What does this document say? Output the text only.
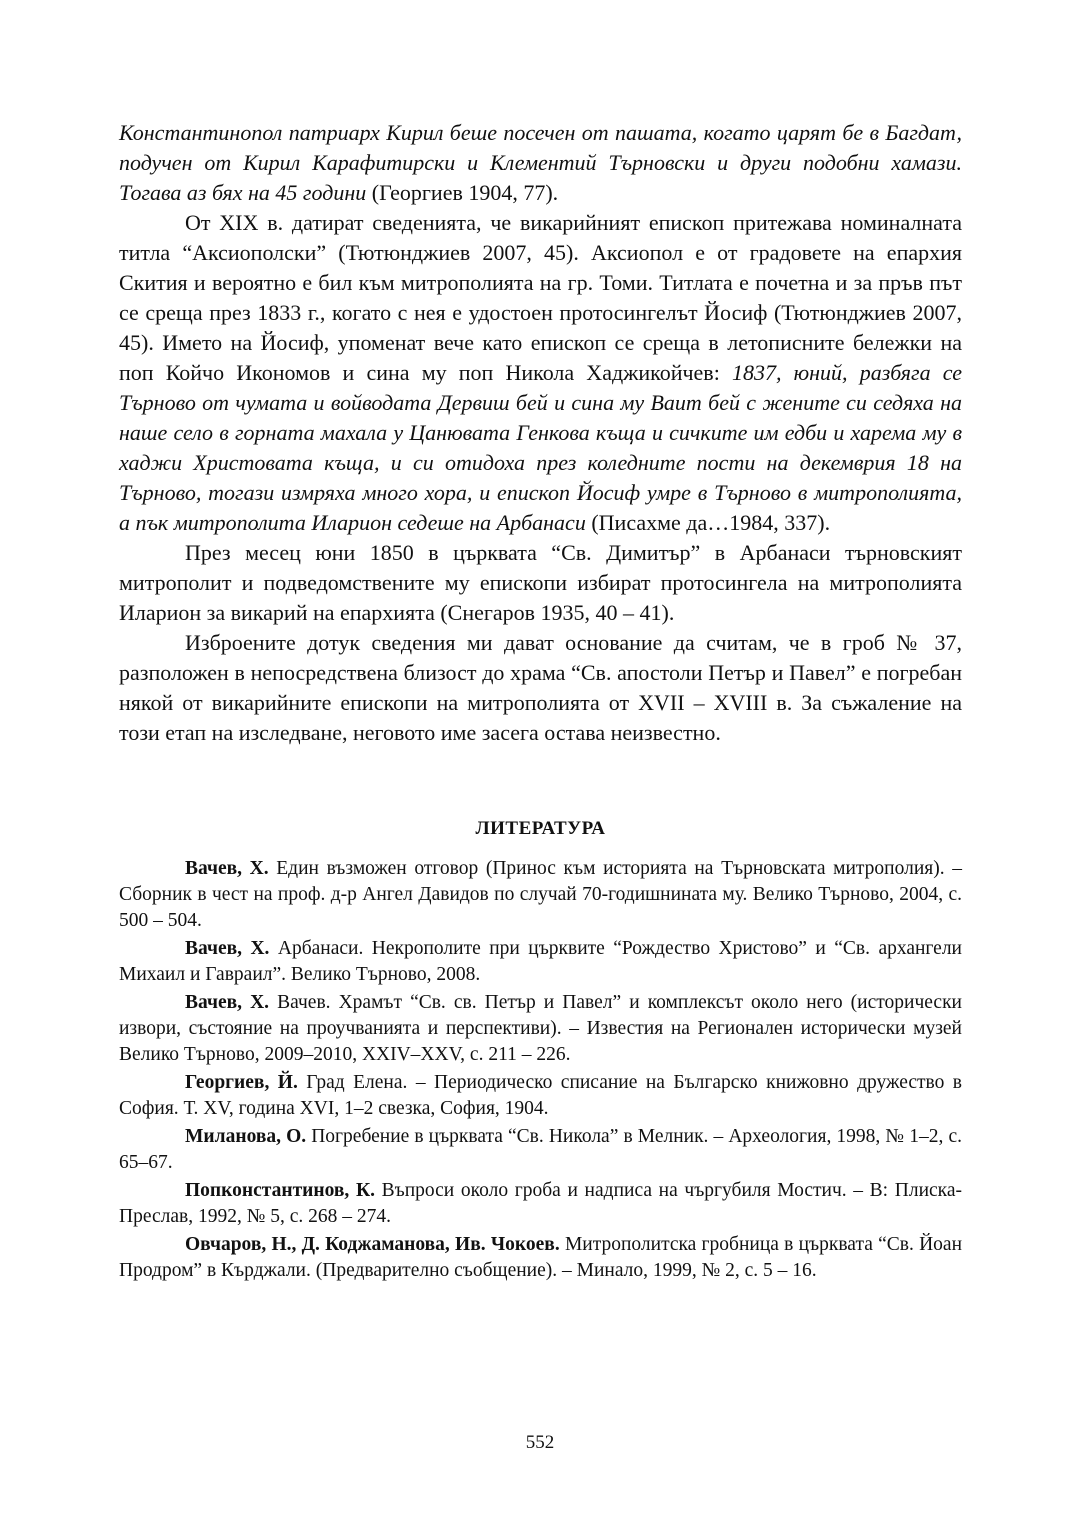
Константинопол патриарх Кирил беше посечен от пашата, когато царят бе в Багдат, подучен от Кирил Карафитирски и Клементий Търновски и други подобни хамази. Тогава аз бях на 45 години (Георгиев 1904, 77).

От XIX в. датират сведенията, че викарийният епископ притежава номиналната титла “Аксиополски” (Тютюнджиев 2007, 45). Аксиопол е от градовете на епархия Скития и вероятно е бил към митрополията на гр. Томи. Титлата е почетна и за пръв път се среща през 1833 г., когато с нея е удостоен протосингелът Йосиф (Тютюнджиев 2007, 45). Името на Йосиф, упоменат вече като епископ се среща в летописните бележки на поп Койчо Икономов и сина му поп Никола Хаджикойчев: 1837, юний, разбяга се Търново от чумата и войводата Дервиш бей и сина му Ваит бей с жените си седяха на наше село в горната махала у Цанювата Генкова къща и сичките им едби и харема му в хаджи Христовата къща, и си отидоха през коледните пости на декемврия 18 на Търново, тогази измряха много хора, и епископ Йосиф умре в Търново в митрополията, а пък митрополита Иларион седеше на Арбанаси (Писахме да…1984, 337).

През месец юни 1850 в църквата “Св. Димитър” в Арбанаси търновският митрополит и подведомствените му епископи избират протосингела на митрополията Иларион за викарий на епархията (Снегаров 1935, 40 – 41).

Изброените дотук сведения ми дават основание да считам, че в гроб № 37, разположен в непосредствена близост до храма “Св. апостоли Петър и Павел” е погребан някой от викарийните епископи на митрополията от XVII – XVIII в. За съжаление на този етап на изследване, неговото име засега остава неизвестно.

ЛИТЕРАТУРА

Вачев, Х. Един възможен отговор (Принос към историята на Търновската митрополия). – Сборник в чест на проф. д-р Ангел Давидов по случай 70-годишнината му. Велико Търново, 2004, с. 500 – 504.

Вачев, Х. Арбанаси. Некрополите при църквите “Рождество Христово” и “Св. архангели Михаил и Гавраил”. Велико Търново, 2008.

Вачев, Х. Вачев. Храмът “Св. св. Петър и Павел” и комплексът около него (исторически извори, състояние на проучванията и перспективи). – Известия на Регионален исторически музей Велико Търново, 2009–2010, XXIV–XXV, с. 211 – 226.

Георгиев, Й. Град Елена. – Периодическо списание на Българско книжовно дружество в София. Т. XV, година XVI, 1–2 свезка, София, 1904.

Миланова, О. Погребение в църквата “Св. Никола” в Мелник. – Археология, 1998, № 1–2, с. 65–67.

Попконстантинов, К. Въпроси около гроба и надписа на чъргубиля Мостич. – В: Плиска-Преслав, 1992, № 5, с. 268 – 274.

Овчаров, Н., Д. Коджаманова, Ив. Чокоев. Митрополитска гробница в църквата “Св. Йоан Продром” в Кърджали. (Предварително съобщение). – Минало, 1999, № 2, с. 5 – 16.

552
